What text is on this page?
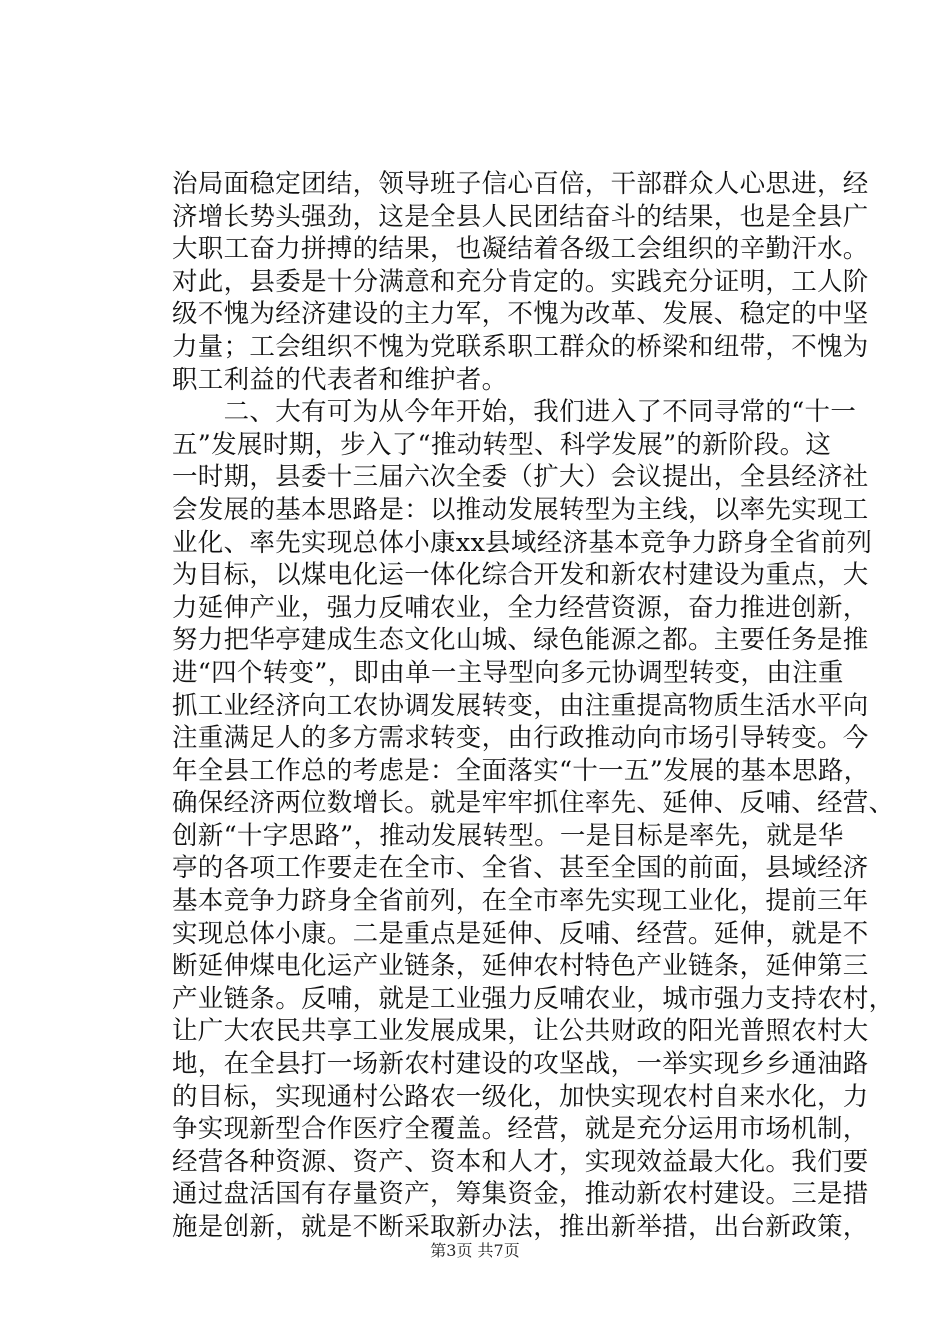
治局面稳定团结，领导班子信心百倍，干部群众人心思进，经
济增长势头强劲，这是全县人民团结奋斗的结果，也是全县广
大职工奋力拼搏的结果，也凝结着各级工会组织的辛勤汗水。
对此，县委是十分满意和充分肯定的。实践充分证明，工人阶
级不愧为经济建设的主力军，不愧为改革、发展、稳定的中坚
力量；工会组织不愧为党联系职工群众的桥梁和纽带，不愧为
职工利益的代表者和维护者。
　　二、大有可为从今年开始，我们进入了不同寻常的“十一
五”发展时期，步入了“推动转型、科学发展”的新阶段。这
一时期，县委十三届六次全委（扩大）会议提出，全县经济社
会发展的基本思路是：以推动发展转型为主线，以率先实现工
业化、率先实现总体小康xx县域经济基本竞争力跻身全省前列
为目标，以煤电化运一体化综合开发和新农村建设为重点，大
力延伸产业，强力反哺农业，全力经营资源，奋力推进创新，
努力把华亭建成生态文化山城、绿色能源之都。主要任务是推
进“四个转变”，即由单一主导型向多元协调型转变，由注重
抓工业经济向工农协调发展转变，由注重提高物质生活水平向
注重满足人的多方需求转变，由行政推动向市场引导转变。今
年全县工作总的考虑是：全面落实“十一五”发展的基本思路，
确保经济两位数增长。就是牢牢抓住率先、延伸、反哺、经营、
创新“十字思路”，推动发展转型。一是目标是率先，就是华
亭的各项工作要走在全市、全省、甚至全国的前面，县域经济
基本竞争力跻身全省前列，在全市率先实现工业化，提前三年
实现总体小康。二是重点是延伸、反哺、经营。延伸，就是不
断延伸煤电化运产业链条，延伸农村特色产业链条，延伸第三
产业链条。反哺，就是工业强力反哺农业，城市强力支持农村，
让广大农民共享工业发展成果，让公共财政的阳光普照农村大
地，在全县打一场新农村建设的攻坚战，一举实现乡乡通油路
的目标，实现通村公路农一级化，加快实现农村自来水化，力
争实现新型合作医疗全覆盖。经营，就是充分运用市场机制，
经营各种资源、资产、资本和人才，实现效益最大化。我们要
通过盘活国有存量资产，筹集资金，推动新农村建设。三是措
施是创新，就是不断采取新办法，推出新举措，出台新政策，
第3页 共7页
